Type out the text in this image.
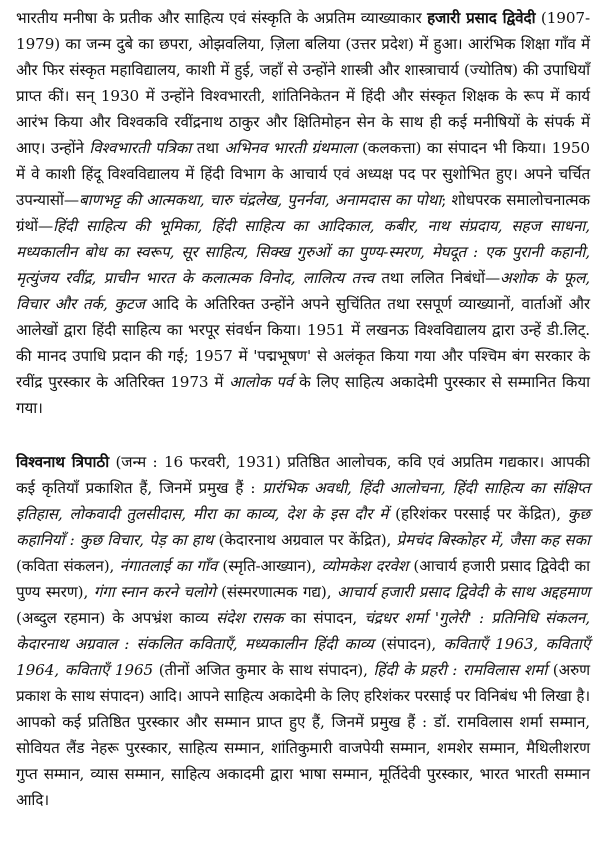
भारतीय मनीषा के प्रतीक और साहित्य एवं संस्कृति के अप्रतिम व्याख्याकार हजारी प्रसाद द्विवेदी (1907-1979) का जन्म दुबे का छपरा, ओझवलिया, ज़िला बलिया (उत्तर प्रदेश) में हुआ। आरंभिक शिक्षा गाँव में और फिर संस्कृत महाविद्यालय, काशी में हुई, जहाँ से उन्होंने शास्त्री और शास्त्राचार्य (ज्योतिष) की उपाधियाँ प्राप्त कीं। सन् 1930 में उन्होंने विश्वभारती, शांतिनिकेतन में हिंदी और संस्कृत शिक्षक के रूप में कार्य आरंभ किया और विश्वकवि रवींद्रनाथ ठाकुर और क्षितिमोहन सेन के साथ ही कई मनीषियों के संपर्क में आए। उन्होंने विश्वभारती पत्रिका तथा अभिनव भारती ग्रंथमाला (कलकत्ता) का संपादन भी किया। 1950 में वे काशी हिंदू विश्वविद्यालय में हिंदी विभाग के आचार्य एवं अध्यक्ष पद पर सुशोभित हुए। अपने चर्चित उपन्यासों—बाणभट्ट की आत्मकथा, चारु चंद्रलेख, पुनर्नवा, अनामदास का पोथा; शोधपरक समालोचनात्मक ग्रंथों—हिंदी साहित्य की भूमिका, हिंदी साहित्य का आदिकाल, कबीर, नाथ संप्रदाय, सहज साधना, मध्यकालीन बोध का स्वरूप, सूर साहित्य, सिक्ख गुरुओं का पुण्य-स्मरण, मेघदूत : एक पुरानी कहानी, मृत्युंजय रवींद्र, प्राचीन भारत के कलात्मक विनोद, लालित्य तत्त्व तथा ललित निबंधों—अशोक के फूल, विचार और तर्क, कुटज आदि के अतिरिक्त उन्होंने अपने सुचिंतित तथा रसपूर्ण व्याख्यानों, वार्ताओं और आलेखों द्वारा हिंदी साहित्य का भरपूर संवर्धन किया। 1951 में लखनऊ विश्वविद्यालय द्वारा उन्हें डी.लिट्. की मानद उपाधि प्रदान की गई; 1957 में 'पद्मभूषण' से अलंकृत किया गया और पश्चिम बंग सरकार के रवींद्र पुरस्कार के अतिरिक्त 1973 में आलोक पर्व के लिए साहित्य अकादेमी पुरस्कार से सम्मानित किया गया।

विश्वनाथ त्रिपाठी (जन्म : 16 फरवरी, 1931) प्रतिष्ठित आलोचक, कवि एवं अप्रतिम गद्यकार। आपकी कई कृतियाँ प्रकाशित हैं, जिनमें प्रमुख हैं : प्रारंभिक अवधी, हिंदी आलोचना, हिंदी साहित्य का संक्षिप्त इतिहास, लोकवादी तुलसीदास, मीरा का काव्य, देश के इस दौर में (हरिशंकर परसाई पर केंद्रित), कुछ कहानियाँ : कुछ विचार, पेड़ का हाथ (केदारनाथ अग्रवाल पर केंद्रित), प्रेमचंद बिस्कोहर में, जैसा कह सका (कविता संकलन), नंगातलाई का गाँव (स्मृति-आख्यान), व्योमकेश दरवेश (आचार्य हजारी प्रसाद द्विवेदी का पुण्य स्मरण), गंगा स्नान करने चलोगे (संस्मरणात्मक गद्य), आचार्य हजारी प्रसाद द्विवेदी के साथ अद्दहमाण (अब्दुल रहमान) के अपभ्रंश काव्य संदेश रासक का संपादन, चंद्रधर शर्मा 'गुलेरी' : प्रतिनिधि संकलन, केदारनाथ अग्रवाल : संकलित कविताएँ, मध्यकालीन हिंदी काव्य (संपादन), कविताएँ 1963, कविताएँ 1964, कविताएँ 1965 (तीनों अजित कुमार के साथ संपादन), हिंदी के प्रहरी : रामविलास शर्मा (अरुण प्रकाश के साथ संपादन) आदि। आपने साहित्य अकादेमी के लिए हरिशंकर परसाई पर विनिबंध भी लिखा है। आपको कई प्रतिष्ठित पुरस्कार और सम्मान प्राप्त हुए हैं, जिनमें प्रमुख हैं : डॉ. रामविलास शर्मा सम्मान, सोवियत लैंड नेहरू पुरस्कार, साहित्य सम्मान, शांतिकुमारी वाजपेयी सम्मान, शमशेर सम्मान, मैथिलीशरण गुप्त सम्मान, व्यास सम्मान, साहित्य अकादमी द्वारा भाषा सम्मान, मूर्तिदेवी पुरस्कार, भारत भारती सम्मान आदि।
